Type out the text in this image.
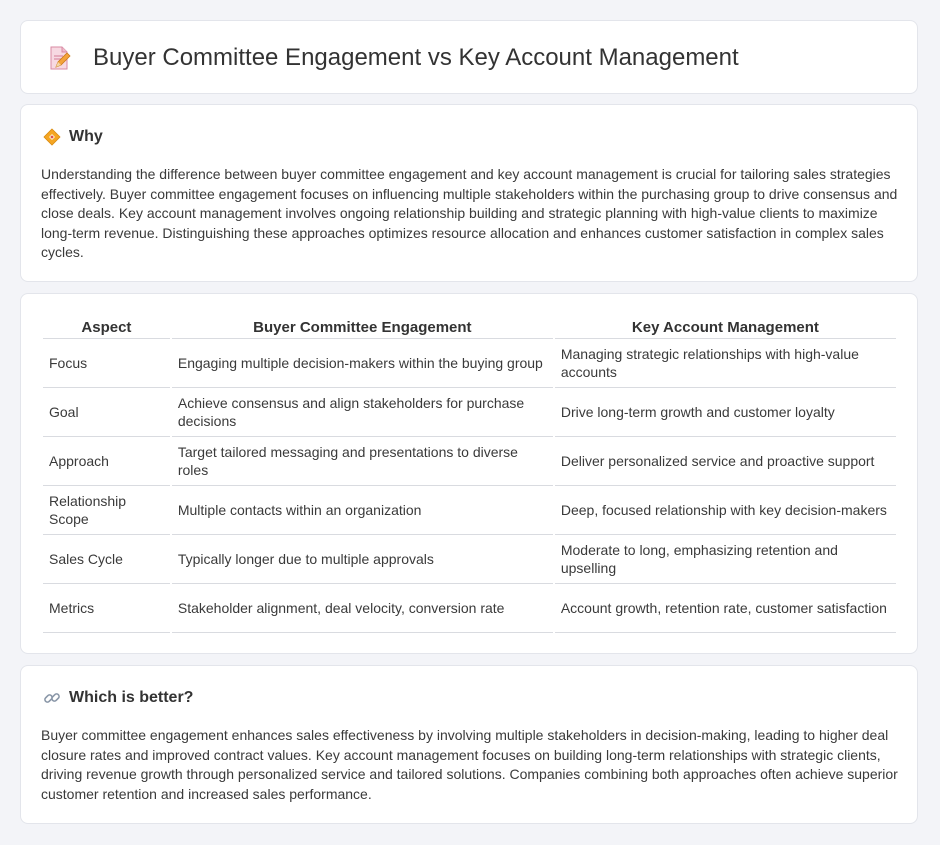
Buyer Committee Engagement vs Key Account Management
Why

Understanding the difference between buyer committee engagement and key account management is crucial for tailoring sales strategies effectively. Buyer committee engagement focuses on influencing multiple stakeholders within the purchasing group to drive consensus and close deals. Key account management involves ongoing relationship building and strategic planning with high-value clients to maximize long-term revenue. Distinguishing these approaches optimizes resource allocation and enhances customer satisfaction in complex sales cycles.

Aspect	Buyer Committee Engagement	Key Account Management
Focus	Engaging multiple decision-makers within the buying group	Managing strategic relationships with high-value accounts
Goal	Achieve consensus and align stakeholders for purchase decisions	Drive long-term growth and customer loyalty
Approach	Target tailored messaging and presentations to diverse roles	Deliver personalized service and proactive support
Relationship Scope	Multiple contacts within an organization	Deep, focused relationship with key decision-makers
Sales Cycle	Typically longer due to multiple approvals	Moderate to long, emphasizing retention and upselling
Metrics	Stakeholder alignment, deal velocity, conversion rate	Account growth, retention rate, customer satisfaction
Which is better?

Buyer committee engagement enhances sales effectiveness by involving multiple stakeholders in decision-making, leading to higher deal closure rates and improved contract values. Key account management focuses on building long-term relationships with strategic clients, driving revenue growth through personalized service and tailored solutions. Companies combining both approaches often achieve superior customer retention and increased sales performance.
